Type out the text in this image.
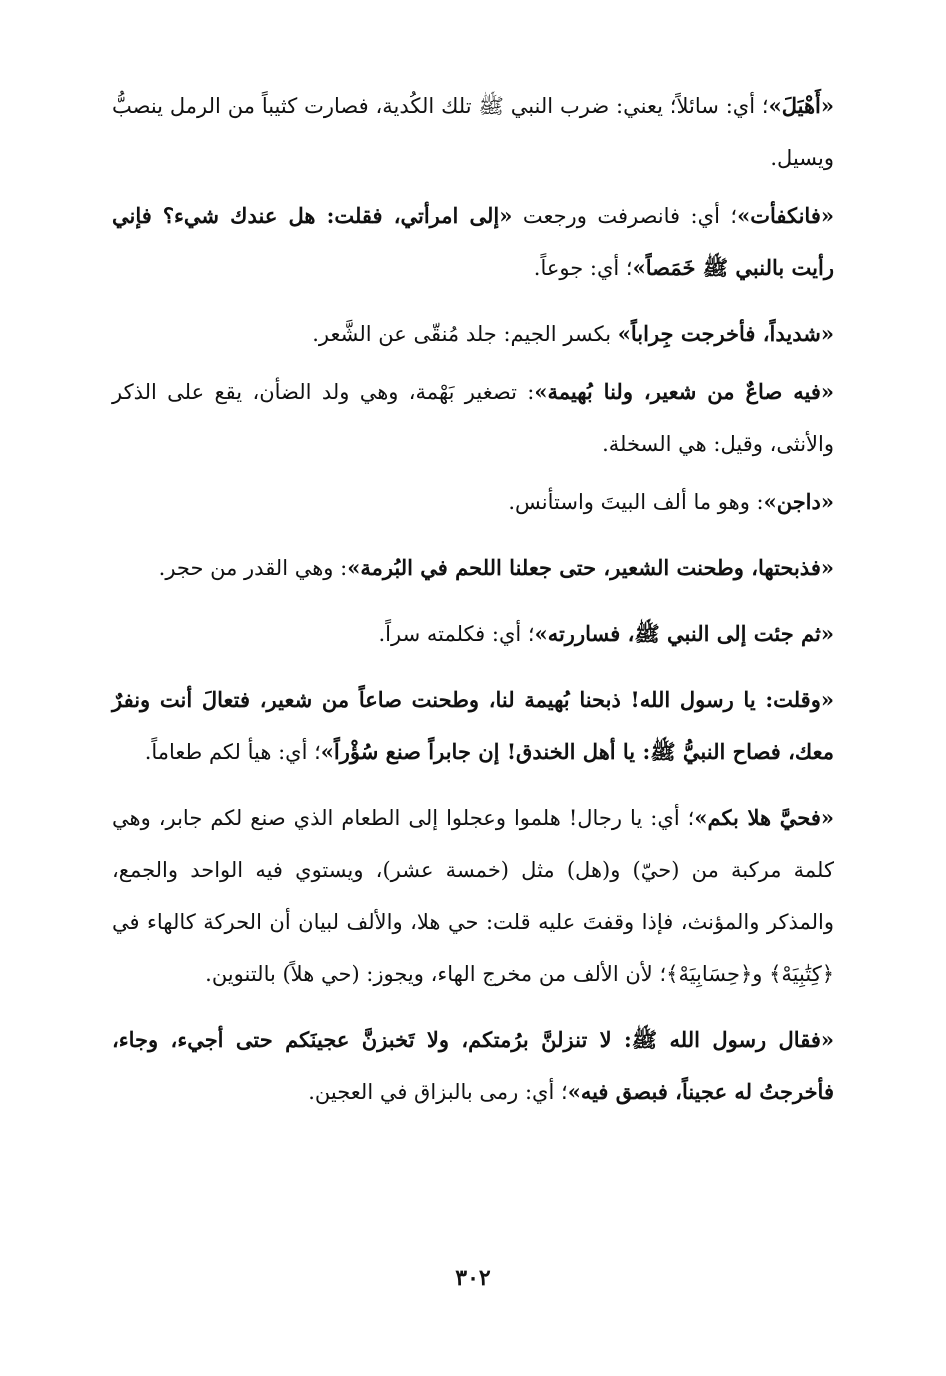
«أَهْيَلَ»؛ أي: سائلاً؛ يعني: ضرب النبي ﷺ تلك الكُدية، فصارت كثيباً من الرمل ينصبُّ ويسيل.

«فانكفأت»؛ أي: فانصرفت ورجعت «إلى امرأتي، فقلت: هل عندك شيء؟ فإني رأيت بالنبي ﷺ خَمَصاً»؛ أي: جوعاً.

«شديداً، فأخرجت جِراباً» بكسر الجيم: جلد مُنقّى عن الشَّعر.

«فيه صاعٌ من شعير، ولنا بُهيمة»: تصغير بَهْمة، وهي ولد الضأن، يقع على الذكر والأنثى، وقيل: هي السخلة.

«داجن»: وهو ما ألف البيتَ واستأنس.

«فذبحتها، وطحنت الشعير، حتى جعلنا اللحم في البُرمة»: وهي القدر من حجر.

«ثم جئت إلى النبي ﷺ، فساررته»؛ أي: فكلمته سراً.

«وقلت: يا رسول الله! ذبحنا بُهيمة لنا، وطحنت صاعاً من شعير، فتعالَ أنت ونفرٌ معك، فصاح النبيُّ ﷺ: يا أهل الخندق! إن جابراً صنع سُؤْراً»؛ أي: هيأ لكم طعاماً.

«فحيَّ هلا بكم»؛ أي: يا رجال! هلموا وعجلوا إلى الطعام الذي صنع لكم جابر، وهي كلمة مركبة من (حيّ) و(هل) مثل (خمسة عشر)، ويستوي فيه الواحد والجمع، والمذكر والمؤنث، فإذا وقفتَ عليه قلت: حي هلا، والألف لبيان أن الحركة كالهاء في ﴿كِتَٰبِيَهْ﴾ و﴿حِسَابِيَهْ﴾؛ لأن الألف من مخرج الهاء، ويجوز: (حي هلاً) بالتنوين.

«فقال رسول الله ﷺ: لا تنزلنَّ برُمتكم، ولا تَخبزنَّ عجينَكم حتى أجيء، وجاء، فأخرجتُ له عجيناً، فبصق فيه»؛ أي: رمى بالبزاق في العجين.

٣٠٢
